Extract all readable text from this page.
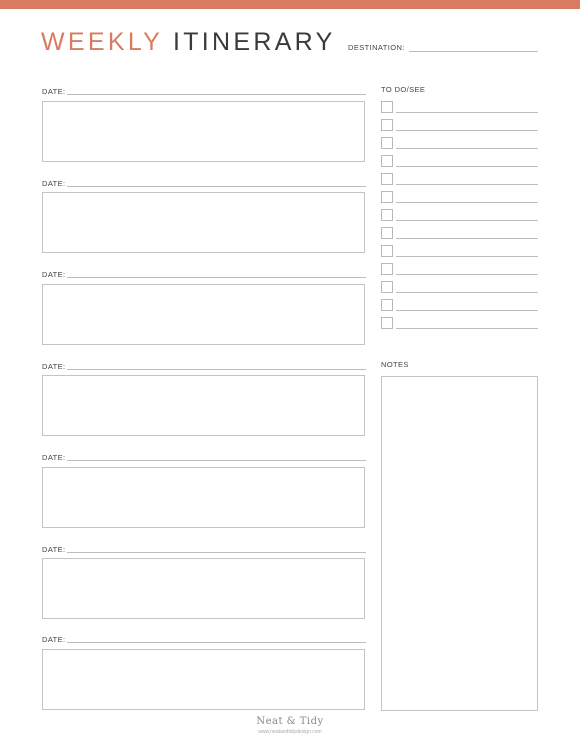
WEEKLY ITINERARY DESTINATION:
DATE:
DATE:
DATE:
DATE:
DATE:
DATE:
DATE:
TO DO/SEE
NOTES
Neat & Tidy
www.neatandtidydesign.com
